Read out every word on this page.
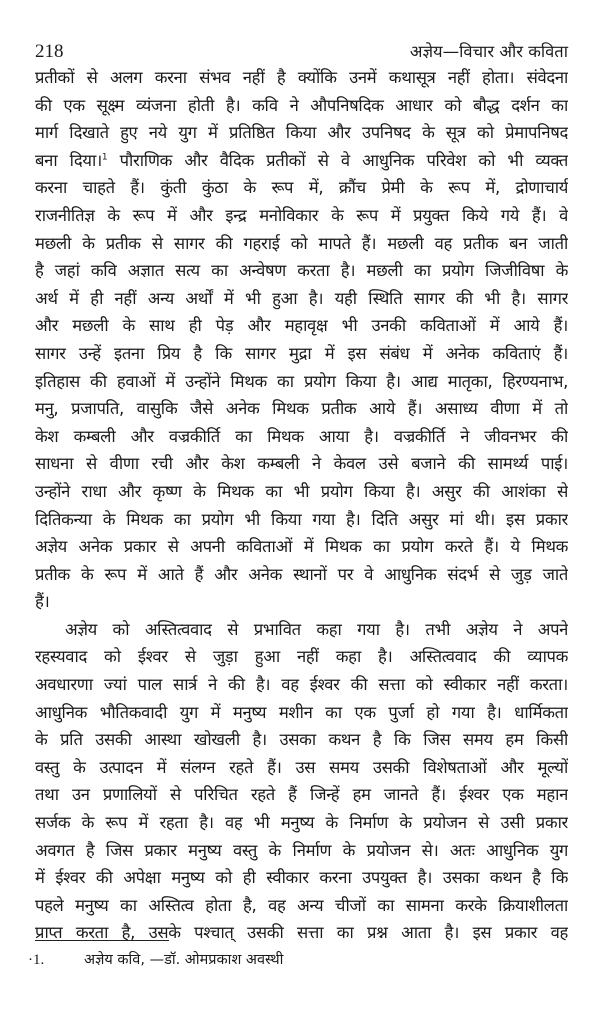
218	अज्ञेय—विचार और कविता
प्रतीकों से अलग करना संभव नहीं है क्योंकि उनमें कथासूत्र नहीं होता। संवेदना
की एक सूक्ष्म व्यंजना होती है। कवि ने औपनिषदिक आधार को बौद्ध दर्शन का
मार्ग दिखाते हुए नये युग में प्रतिष्ठित किया और उपनिषद के सूत्र को प्रेमापनिषद
बना दिया।$^1$ पौराणिक और वैदिक प्रतीकों से वे आधुनिक परिवेश को भी व्यक्त
करना चाहते हैं। कुंती कुंठा के रूप में, क्रौंच प्रेमी के रूप में, द्रोणाचार्य
राजनीतिज्ञ के रूप में और इन्द्र मनोविकार के रूप में प्रयुक्त किये गये हैं। वे
मछली के प्रतीक से सागर की गहराई को मापते हैं। मछली वह प्रतीक बन जाती
है जहां कवि अज्ञात सत्य का अन्वेषण करता है। मछली का प्रयोग जिजीविषा के
अर्थ में ही नहीं अन्य अर्थों में भी हुआ है। यही स्थिति सागर की भी है। सागर
और मछली के साथ ही पेड़ और महावृक्ष भी उनकी कविताओं में आये हैं।
सागर उन्हें इतना प्रिय है कि सागर मुद्रा में इस संबंध में अनेक कविताएं हैं।
इतिहास की हवाओं में उन्होंने मिथक का प्रयोग किया है। आद्य मातृका, हिरण्यनाभ,
मनु, प्रजापति, वासुकि जैसे अनेक मिथक प्रतीक आये हैं। असाध्य वीणा में तो
केश कम्बली और वज्रकीर्ति का मिथक आया है। वज्रकीर्ति ने जीवनभर की
साधना से वीणा रची और केश कम्बली ने केवल उसे बजाने की सामर्थ्य पाई।
उन्होंने राधा और कृष्ण के मिथक का भी प्रयोग किया है। असुर की आशंका से
दितिकन्या के मिथक का प्रयोग भी किया गया है। दिति असुर मां थी। इस प्रकार
अज्ञेय अनेक प्रकार से अपनी कविताओं में मिथक का प्रयोग करते हैं। ये मिथक
प्रतीक के रूप में आते हैं और अनेक स्थानों पर वे आधुनिक संदर्भ से जुड़ जाते
हैं।
अज्ञेय को अस्तित्ववाद से प्रभावित कहा गया है। तभी अज्ञेय ने अपने
रहस्यवाद को ईश्वर से जुड़ा हुआ नहीं कहा है। अस्तित्ववाद की व्यापक
अवधारणा ज्यां पाल सार्त्र ने की है। वह ईश्वर की सत्ता को स्वीकार नहीं करता।
आधुनिक भौतिकवादी युग में मनुष्य मशीन का एक पुर्जा हो गया है। धार्मिकता
के प्रति उसकी आस्था खोखली है। उसका कथन है कि जिस समय हम किसी
वस्तु के उत्पादन में संलग्न रहते हैं। उस समय उसकी विशेषताओं और मूल्यों
तथा उन प्रणालियों से परिचित रहते हैं जिन्हें हम जानते हैं। ईश्वर एक महान
सर्जक के रूप में रहता है। वह भी मनुष्य के निर्माण के प्रयोजन से उसी प्रकार
अवगत है जिस प्रकार मनुष्य वस्तु के निर्माण के प्रयोजन से। अतः आधुनिक युग
में ईश्वर की अपेक्षा मनुष्य को ही स्वीकार करना उपयुक्त है। उसका कथन है कि
पहले मनुष्य का अस्तित्व होता है, वह अन्य चीजों का सामना करके क्रियाशीलता
प्राप्त करता है, उसके पश्चात् उसकी सत्ता का प्रश्न आता है। इस प्रकार वह
·1.	अज्ञेय कवि, —डॉ. ओमप्रकाश अवस्थी
